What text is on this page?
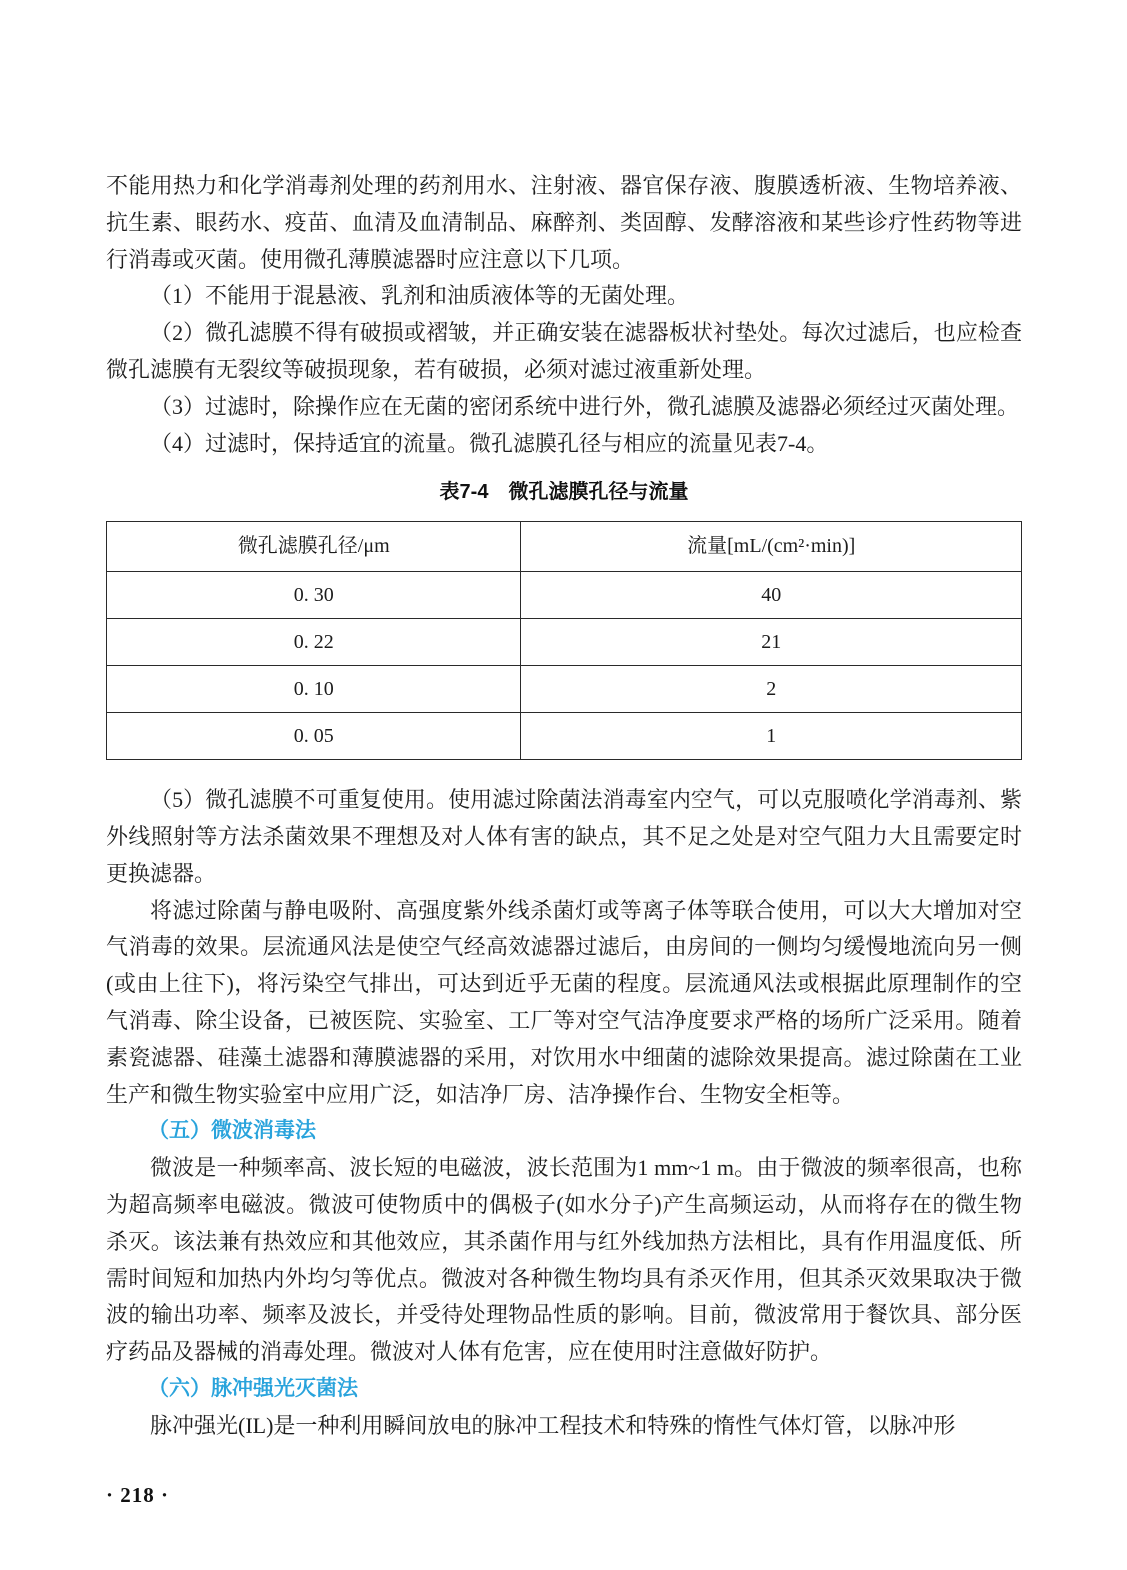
不能用热力和化学消毒剂处理的药剂用水、注射液、器官保存液、腹膜透析液、生物培养液、抗生素、眼药水、疫苗、血清及血清制品、麻醉剂、类固醇、发酵溶液和某些诊疗性药物等进行消毒或灭菌。使用微孔薄膜滤器时应注意以下几项。

（1）不能用于混悬液、乳剂和油质液体等的无菌处理。

（2）微孔滤膜不得有破损或褶皱，并正确安装在滤器板状衬垫处。每次过滤后，也应检查微孔滤膜有无裂纹等破损现象，若有破损，必须对滤过液重新处理。

（3）过滤时，除操作应在无菌的密闭系统中进行外，微孔滤膜及滤器必须经过灭菌处理。

（4）过滤时，保持适宜的流量。微孔滤膜孔径与相应的流量见表7-4。

表7-4　微孔滤膜孔径与流量
微孔滤膜孔径/μm	流量[mL/(cm²·min)]
0. 30	40
0. 22	21
0. 10	2
0. 05	1

（5）微孔滤膜不可重复使用。使用滤过除菌法消毒室内空气，可以克服喷化学消毒剂、紫外线照射等方法杀菌效果不理想及对人体有害的缺点，其不足之处是对空气阻力大且需要定时更换滤器。

将滤过除菌与静电吸附、高强度紫外线杀菌灯或等离子体等联合使用，可以大大增加对空气消毒的效果。层流通风法是使空气经高效滤器过滤后，由房间的一侧均匀缓慢地流向另一侧(或由上往下)，将污染空气排出，可达到近乎无菌的程度。层流通风法或根据此原理制作的空气消毒、除尘设备，已被医院、实验室、工厂等对空气洁净度要求严格的场所广泛采用。随着素瓷滤器、硅藻土滤器和薄膜滤器的采用，对饮用水中细菌的滤除效果提高。滤过除菌在工业生产和微生物实验室中应用广泛，如洁净厂房、洁净操作台、生物安全柜等。

（五）微波消毒法

微波是一种频率高、波长短的电磁波，波长范围为1 mm~1 m。由于微波的频率很高，也称为超高频率电磁波。微波可使物质中的偶极子(如水分子)产生高频运动，从而将存在的微生物杀灭。该法兼有热效应和其他效应，其杀菌作用与红外线加热方法相比，具有作用温度低、所需时间短和加热内外均匀等优点。微波对各种微生物均具有杀灭作用，但其杀灭效果取决于微波的输出功率、频率及波长，并受待处理物品性质的影响。目前，微波常用于餐饮具、部分医疗药品及器械的消毒处理。微波对人体有危害，应在使用时注意做好防护。

（六）脉冲强光灭菌法

脉冲强光(IL)是一种利用瞬间放电的脉冲工程技术和特殊的惰性气体灯管，以脉冲形

· 218 ·
